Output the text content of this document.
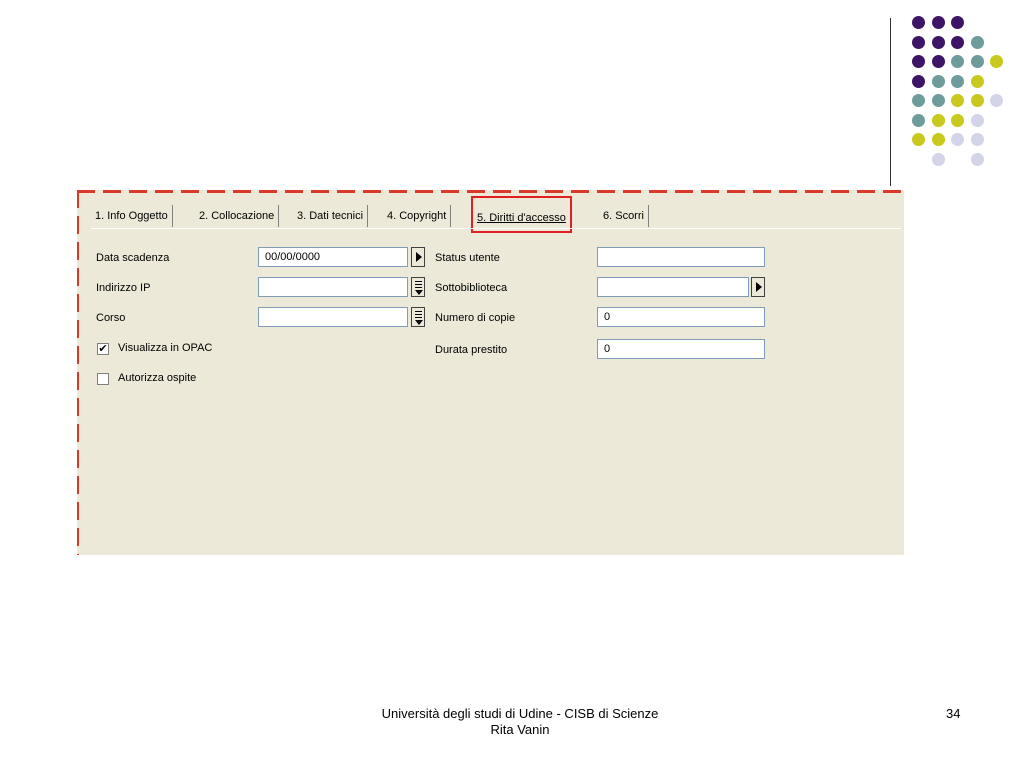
1. Info Oggetto	2. Collocazione	3. Dati tecnici	4. Copyright	5. Diritti d'accesso	6. Scorri
Data scadenza	00/00/0000
Indirizzo IP
Corso
✔ Visualizza in OPAC
Autorizza ospite
Status utente
Sottobiblioteca
Numero di copie	0
Durata prestito	0
Università degli studi di Udine - CISB di Scienze
Rita Vanin
34
